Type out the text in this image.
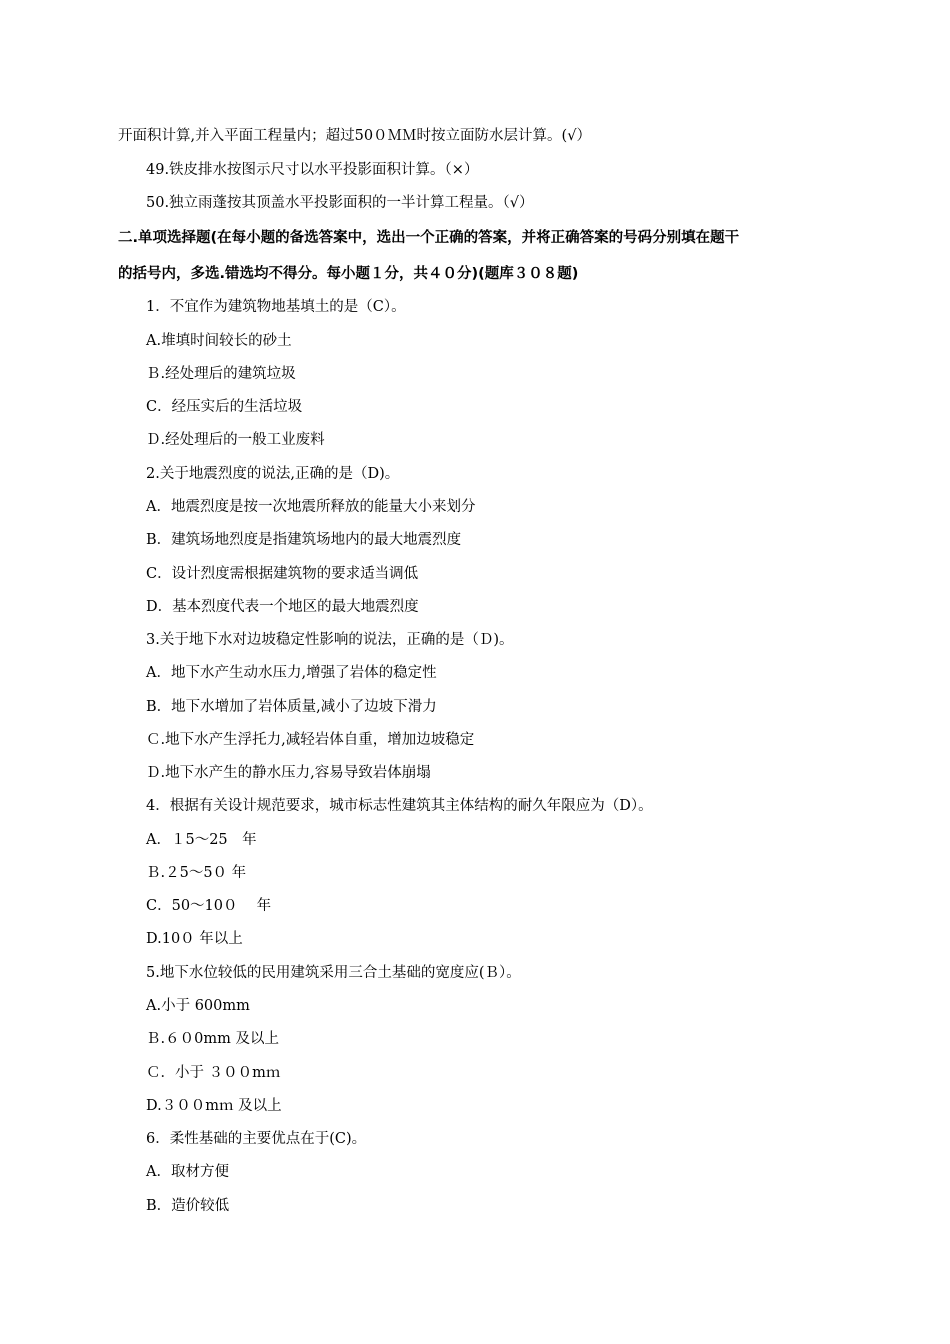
开面积计算,并入平面工程量内；超过50０ＭＭ时按立面防水层计算。(√）
49.铁皮排水按图示尺寸以水平投影面积计算。（×）
50.独立雨蓬按其顶盖水平投影面积的一半计算工程量。（√）
二.单项选择题(在每小题的备选答案中，选出一个正确的答案，并将正确答案的号码分别填在题干
的括号内，多选.错选均不得分。每小题１分，共４０分)(题库３０８题)
1．不宜作为建筑物地基填土的是（C）。
A.堆填时间较长的砂土
Ｂ.经处理后的建筑垃圾
C．经压实后的生活垃圾
Ｄ.经处理后的一般工业废料
2.关于地震烈度的说法,正确的是（D)。
A．地震烈度是按一次地震所释放的能量大小来划分
B．建筑场地烈度是指建筑场地内的最大地震烈度
C．设计烈度需根据建筑物的要求适当调低
D．基本烈度代表一个地区的最大地震烈度
3.关于地下水对边坡稳定性影响的说法，正确的是（Ｄ)。
A．地下水产生动水压力,增强了岩体的稳定性
B．地下水增加了岩体质量,减小了边坡下滑力
Ｃ.地下水产生浮托力,减轻岩体自重，增加边坡稳定
Ｄ.地下水产生的静水压力,容易导致岩体崩塌
4．根据有关设计规范要求，城市标志性建筑其主体结构的耐久年限应为（D）。
A．１5～25　年
Ｂ.２5～5０ 年
C．50～10０　 年
D.10０ 年以上
5.地下水位较低的民用建筑采用三合土基础的宽度应(Ｂ）。
A.小于 600mm
Ｂ.６０0mm 及以上
Ｃ．小于 ３００mｍ
D.３００mｍ 及以上
6．柔性基础的主要优点在于(C)。
A．取材方便
B．造价较低
